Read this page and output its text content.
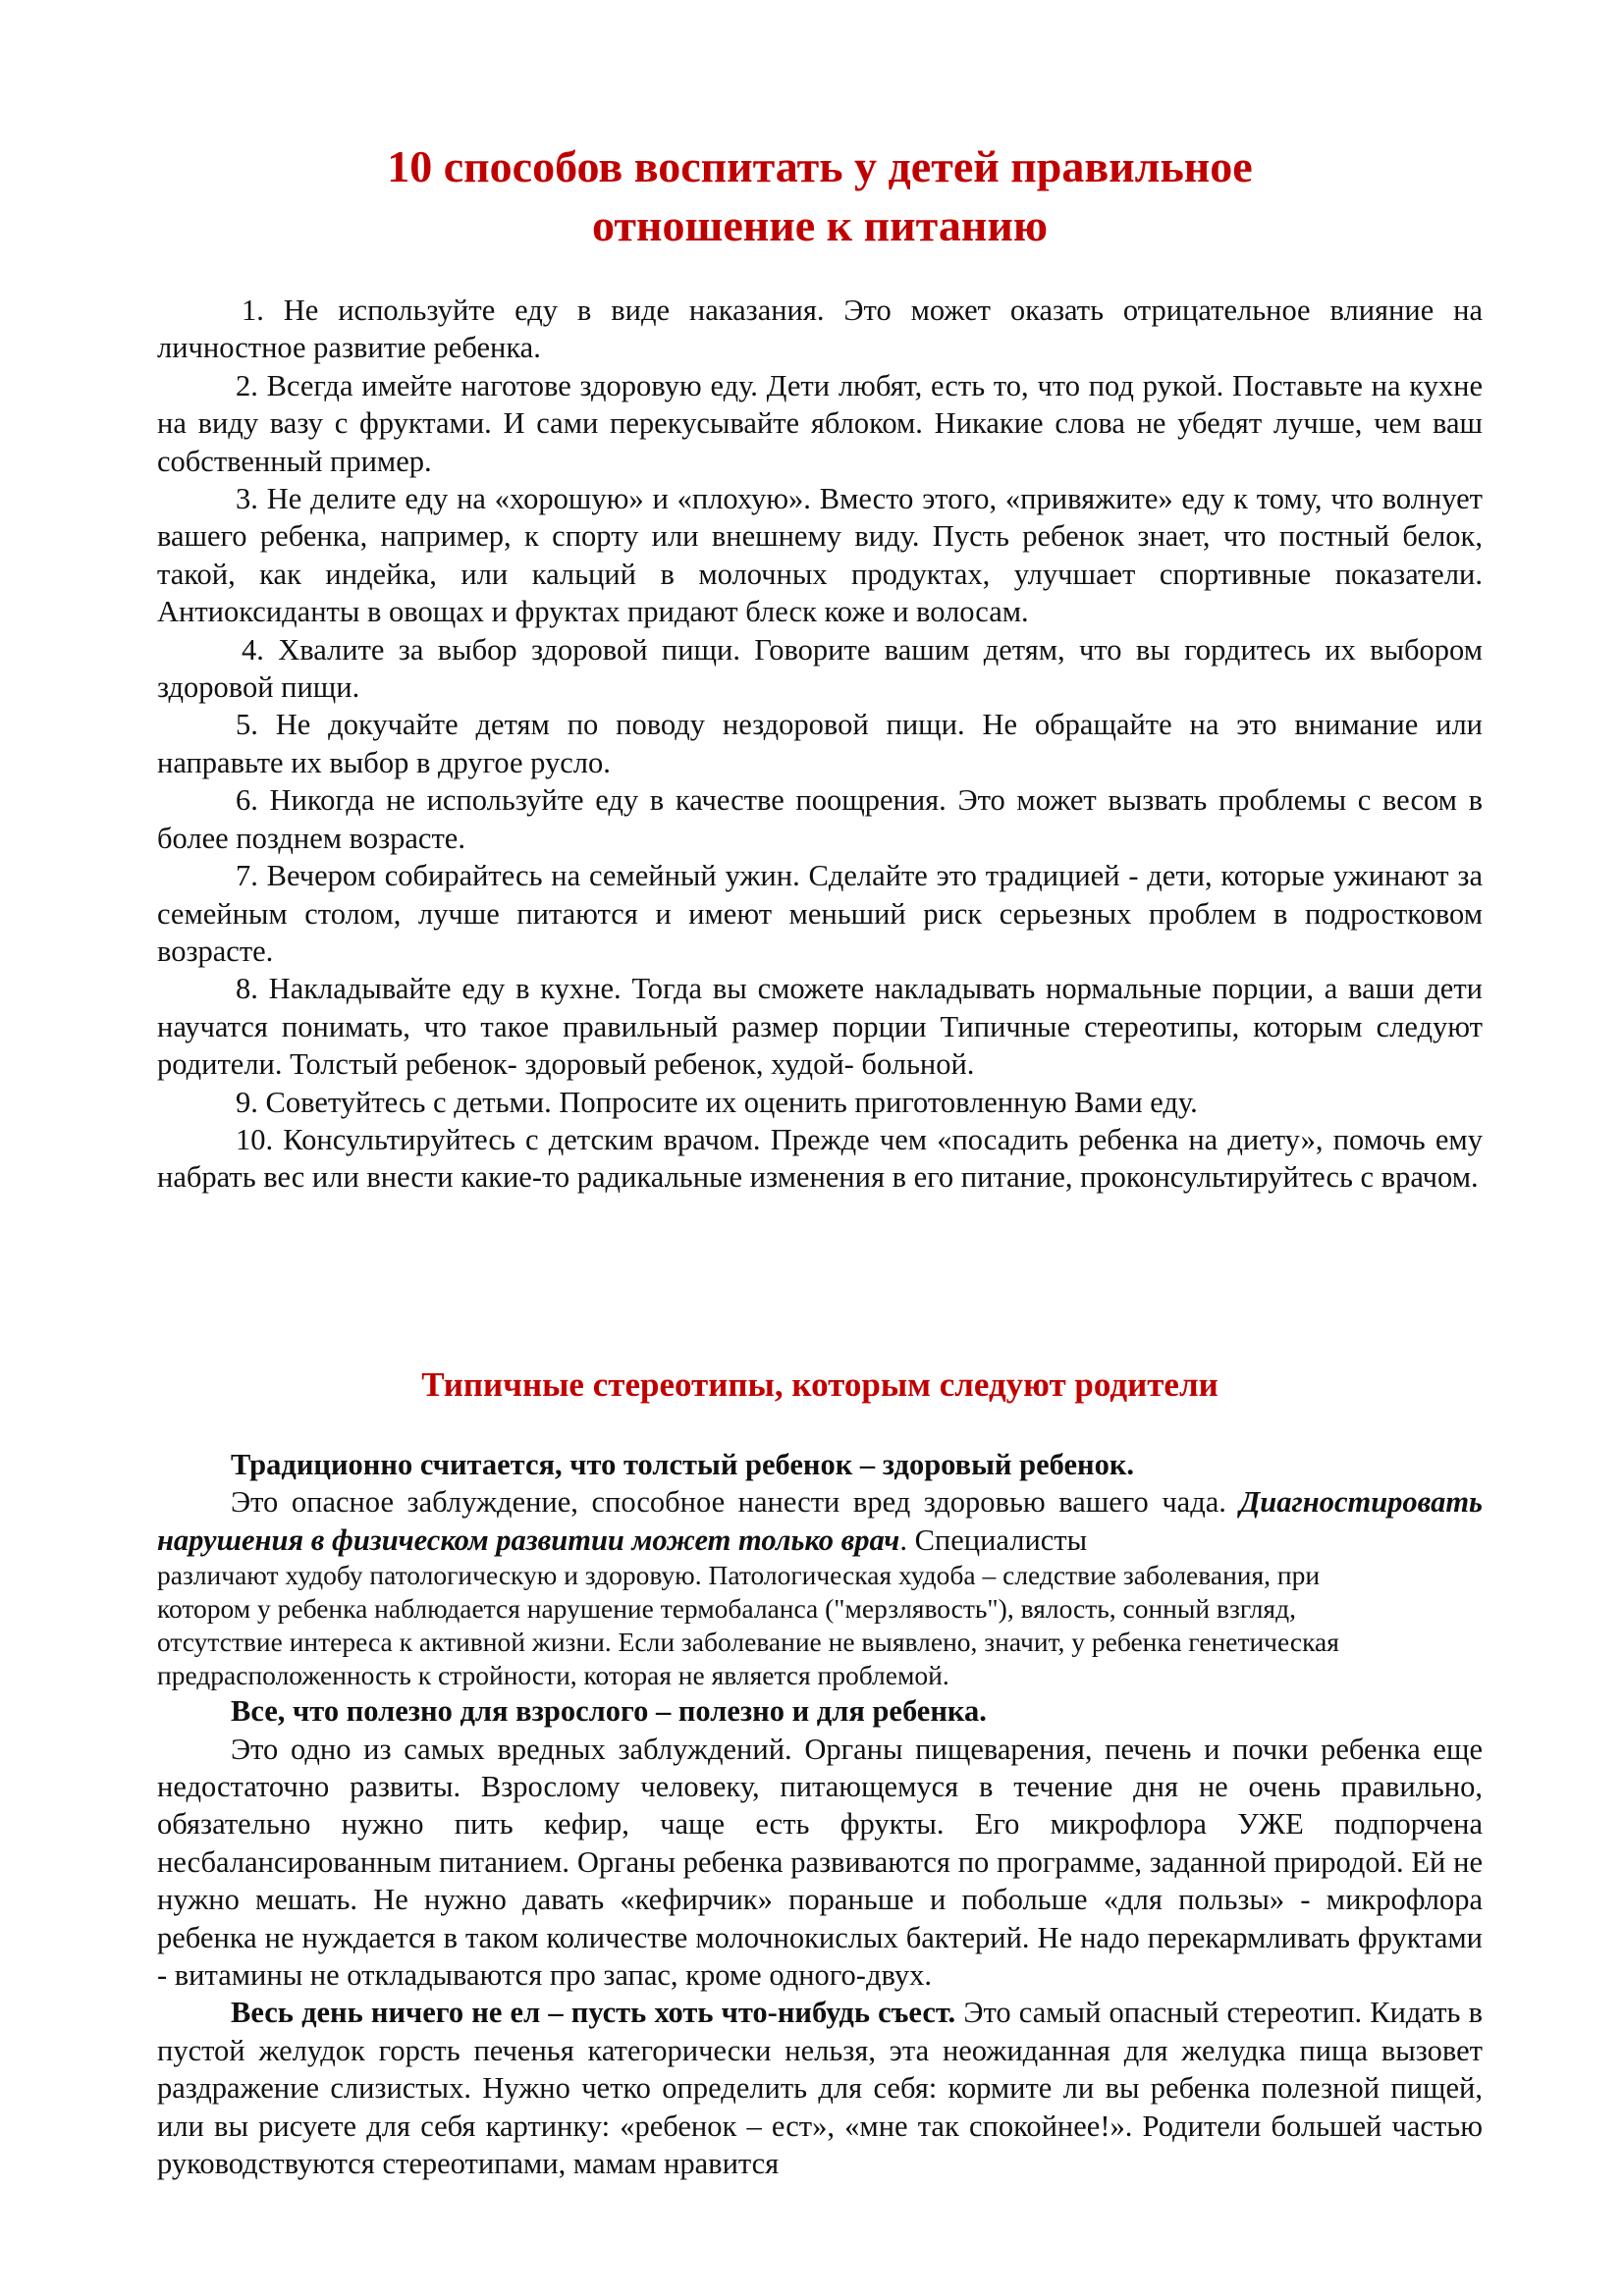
10 способов воспитать у детей правильное
отношение к питанию

1. Не используйте еду в виде наказания. Это может оказать отрицательное влияние на личностное развитие ребенка.

2. Всегда имейте наготове здоровую еду. Дети любят, есть то, что под рукой. Поставьте на кухне на виду вазу с фруктами. И сами перекусывайте яблоком. Никакие слова не убедят лучше, чем ваш собственный пример.

3. Не делите еду на «хорошую» и «плохую». Вместо этого, «привяжите» еду к тому, что волнует вашего ребенка, например, к спорту или внешнему виду. Пусть ребенок знает, что постный белок, такой, как индейка, или кальций в молочных продуктах, улучшает спортивные показатели. Антиоксиданты в овощах и фруктах придают блеск коже и волосам.

4. Хвалите за выбор здоровой пищи. Говорите вашим детям, что вы гордитесь их выбором здоровой пищи.

5. Не докучайте детям по поводу нездоровой пищи. Не обращайте на это внимание или направьте их выбор в другое русло.

6. Никогда не используйте еду в качестве поощрения. Это может вызвать проблемы с весом в более позднем возрасте.

7. Вечером собирайтесь на семейный ужин. Сделайте это традицией - дети, которые ужинают за семейным столом, лучше питаются и имеют меньший риск серьезных проблем в подростковом возрасте.

8. Накладывайте еду в кухне. Тогда вы сможете накладывать нормальные порции, а ваши дети научатся понимать, что такое правильный размер порции Типичные стереотипы, которым следуют родители. Толстый ребенок- здоровый ребенок, худой- больной.

9. Советуйтесь с детьми. Попросите их оценить приготовленную Вами еду.

10. Консультируйтесь с детским врачом. Прежде чем «посадить ребенка на диету», помочь ему набрать вес или внести какие-то радикальные изменения в его питание, проконсультируйтесь с врачом.

Типичные стереотипы, которым следуют родители

Традиционно считается, что толстый ребенок – здоровый ребенок.

Это опасное заблуждение, способное нанести вред здоровью вашего чада. Диагностировать нарушения в физическом развитии может только врач. Специалисты

различают худобу патологическую и здоровую. Патологическая худоба – следствие заболевания, при
котором у ребенка наблюдается нарушение термобаланса ("мерзлявость"), вялость, сонный взгляд,
отсутствие интереса к активной жизни. Если заболевание не выявлено, значит, у ребенка генетическая
предрасположенность к стройности, которая не является проблемой.

Все, что полезно для взрослого – полезно и для ребенка.

Это одно из самых вредных заблуждений. Органы пищеварения, печень и почки ребенка еще недостаточно развиты. Взрослому человеку, питающемуся в течение дня не очень правильно, обязательно нужно пить кефир, чаще есть фрукты. Его микрофлора УЖЕ подпорчена несбалансированным питанием. Органы ребенка развиваются по программе, заданной природой. Ей не нужно мешать. Не нужно давать «кефирчик» пораньше и побольше «для пользы» - микрофлора ребенка не нуждается в таком количестве молочнокислых бактерий. Не надо перекармливать фруктами - витамины не откладываются про запас, кроме одного-двух.

Весь день ничего не ел – пусть хоть что-нибудь съест. Это самый опасный стереотип. Кидать в пустой желудок горсть печенья категорически нельзя, эта неожиданная для желудка пища вызовет раздражение слизистых. Нужно четко определить для себя: кормите ли вы ребенка полезной пищей, или вы рисуете для себя картинку: «ребенок – ест», «мне так спокойнее!». Родители большей частью руководствуются стереотипами, мамам нравится
